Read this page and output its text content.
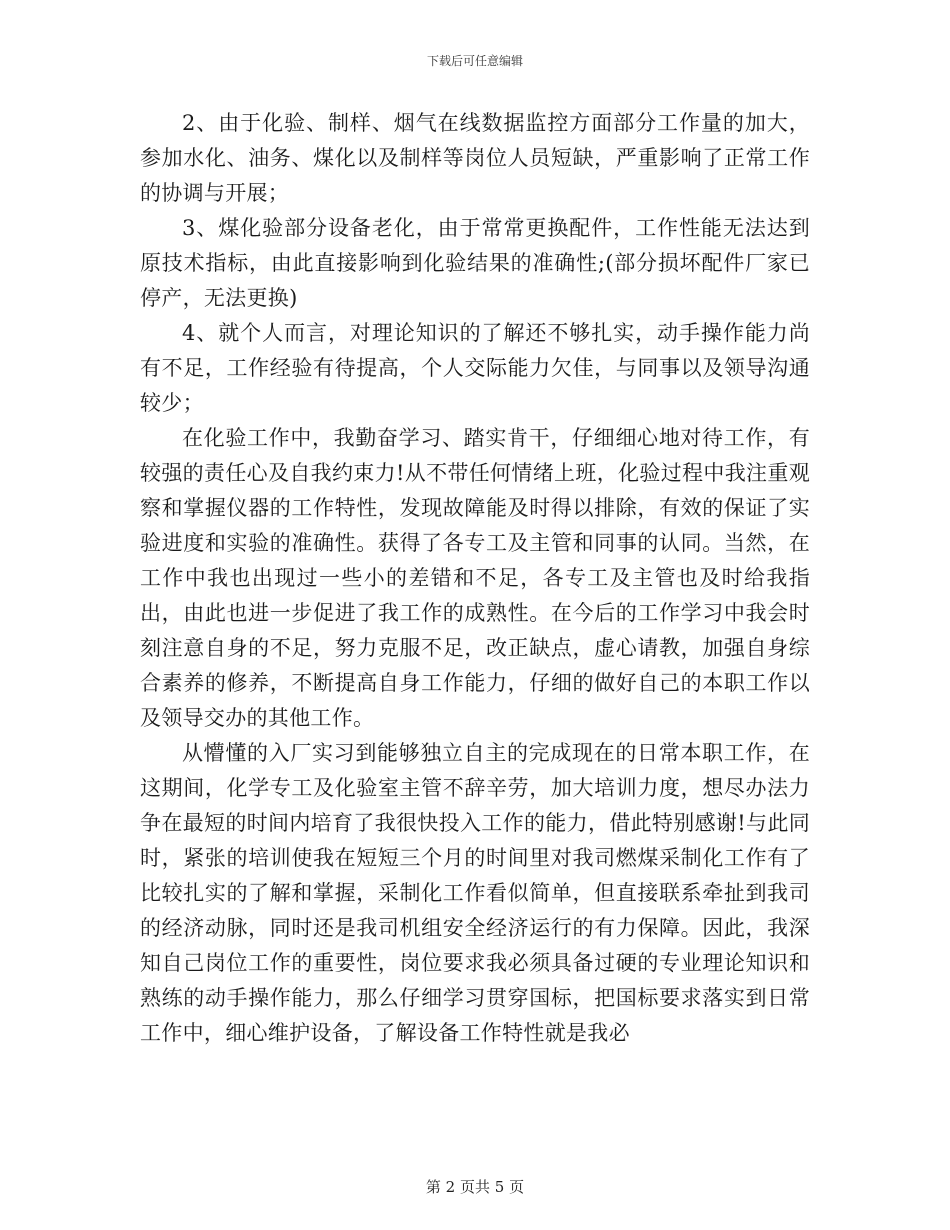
下载后可任意编辑

2、由于化验、制样、烟气在线数据监控方面部分工作量的加大，参加水化、油务、煤化以及制样等岗位人员短缺，严重影响了正常工作的协调与开展；

3、煤化验部分设备老化，由于常常更换配件，工作性能无法达到原技术指标，由此直接影响到化验结果的准确性;(部分损坏配件厂家已停产，无法更换)

4、就个人而言，对理论知识的了解还不够扎实，动手操作能力尚有不足，工作经验有待提高，个人交际能力欠佳，与同事以及领导沟通较少；

在化验工作中，我勤奋学习、踏实肯干，仔细细心地对待工作，有较强的责任心及自我约束力!从不带任何情绪上班，化验过程中我注重观察和掌握仪器的工作特性，发现故障能及时得以排除，有效的保证了实验进度和实验的准确性。获得了各专工及主管和同事的认同。当然，在工作中我也出现过一些小的差错和不足，各专工及主管也及时给我指出，由此也进一步促进了我工作的成熟性。在今后的工作学习中我会时刻注意自身的不足，努力克服不足，改正缺点，虚心请教，加强自身综合素养的修养，不断提高自身工作能力，仔细的做好自己的本职工作以及领导交办的其他工作。

从懵懂的入厂实习到能够独立自主的完成现在的日常本职工作，在这期间，化学专工及化验室主管不辞辛劳，加大培训力度，想尽办法力争在最短的时间内培育了我很快投入工作的能力，借此特别感谢!与此同时，紧张的培训使我在短短三个月的时间里对我司燃煤采制化工作有了比较扎实的了解和掌握，采制化工作看似简单，但直接联系牵扯到我司的经济动脉，同时还是我司机组安全经济运行的有力保障。因此，我深知自己岗位工作的重要性，岗位要求我必须具备过硬的专业理论知识和熟练的动手操作能力，那么仔细学习贯穿国标，把国标要求落实到日常工作中，细心维护设备，了解设备工作特性就是我必

第 2 页共 5 页
